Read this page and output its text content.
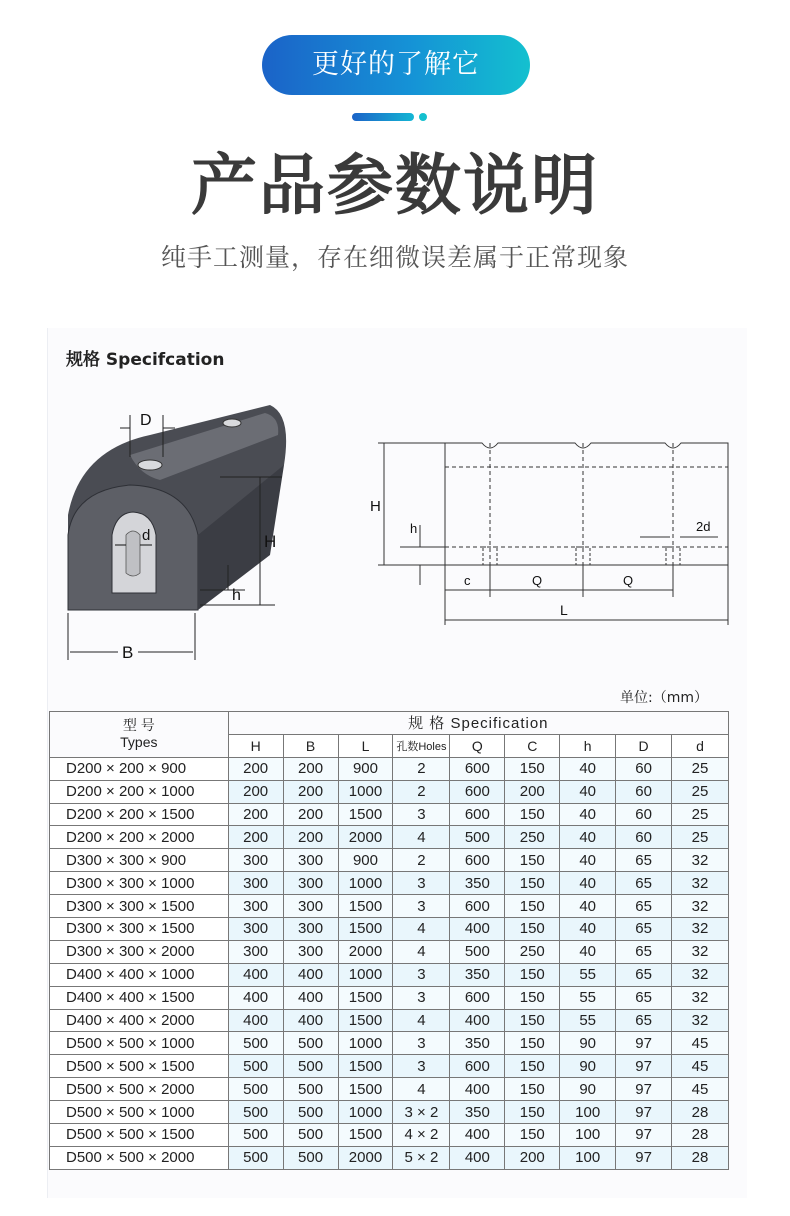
更好的了解它
产品参数说明
纯手工测量，存在细微误差属于正常现象
规格 Specifcation
D
d	H
h
B
H
h	2d
c	Q	Q
L
单位:（mm）
型 号
Types	规 格 Specification								
	H	B	L	孔数Holes	Q	C	h	D	d
D200 × 200 × 900	200	200	900	2	600	150	40	60	25
D200 × 200 × 1000	200	200	1000	2	600	200	40	60	25
D200 × 200 × 1500	200	200	1500	3	600	150	40	60	25
D200 × 200 × 2000	200	200	2000	4	500	250	40	60	25
D300 × 300 × 900	300	300	900	2	600	150	40	65	32
D300 × 300 × 1000	300	300	1000	3	350	150	40	65	32
D300 × 300 × 1500	300	300	1500	3	600	150	40	65	32
D300 × 300 × 1500	300	300	1500	4	400	150	40	65	32
D300 × 300 × 2000	300	300	2000	4	500	250	40	65	32
D400 × 400 × 1000	400	400	1000	3	350	150	55	65	32
D400 × 400 × 1500	400	400	1500	3	600	150	55	65	32
D400 × 400 × 2000	400	400	1500	4	400	150	55	65	32
D500 × 500 × 1000	500	500	1000	3	350	150	90	97	45
D500 × 500 × 1500	500	500	1500	3	600	150	90	97	45
D500 × 500 × 2000	500	500	1500	4	400	150	90	97	45
D500 × 500 × 1000	500	500	1000	3 × 2	350	150	100	97	28
D500 × 500 × 1500	500	500	1500	4 × 2	400	150	100	97	28
D500 × 500 × 2000	500	500	2000	5 × 2	400	200	100	97	28
